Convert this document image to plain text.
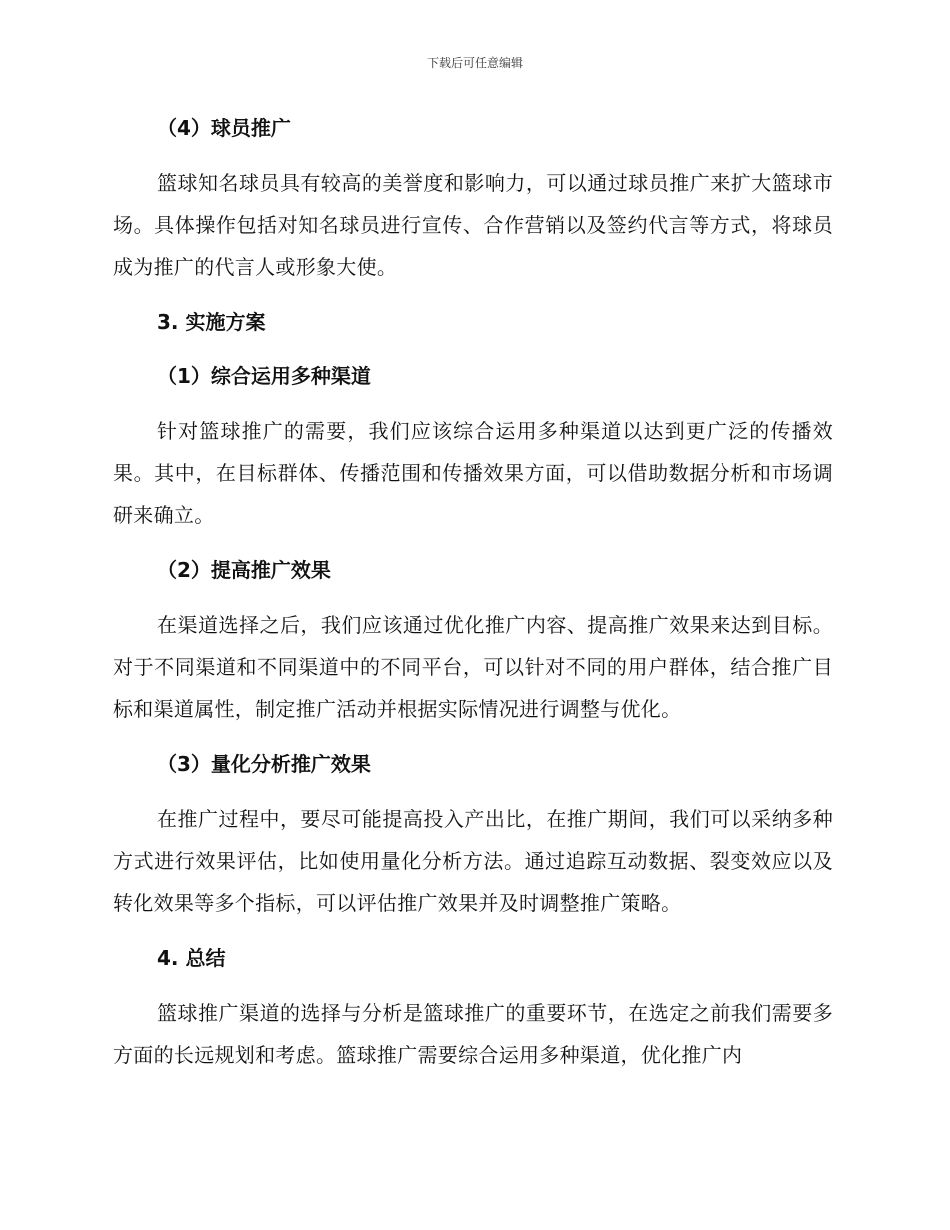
下载后可任意编辑
（4）球员推广

篮球知名球员具有较高的美誉度和影响力，可以通过球员推广来扩大篮球市场。具体操作包括对知名球员进行宣传、合作营销以及签约代言等方式，将球员成为推广的代言人或形象大使。

3. 实施方案
（1）综合运用多种渠道

针对篮球推广的需要，我们应该综合运用多种渠道以达到更广泛的传播效果。其中，在目标群体、传播范围和传播效果方面，可以借助数据分析和市场调研来确立。

（2）提高推广效果

在渠道选择之后，我们应该通过优化推广内容、提高推广效果来达到目标。对于不同渠道和不同渠道中的不同平台，可以针对不同的用户群体，结合推广目标和渠道属性，制定推广活动并根据实际情况进行调整与优化。

（3）量化分析推广效果

在推广过程中，要尽可能提高投入产出比，在推广期间，我们可以采纳多种方式进行效果评估，比如使用量化分析方法。通过追踪互动数据、裂变效应以及转化效果等多个指标，可以评估推广效果并及时调整推广策略。

4. 总结

篮球推广渠道的选择与分析是篮球推广的重要环节，在选定之前我们需要多方面的长远规划和考虑。篮球推广需要综合运用多种渠道，优化推广内
